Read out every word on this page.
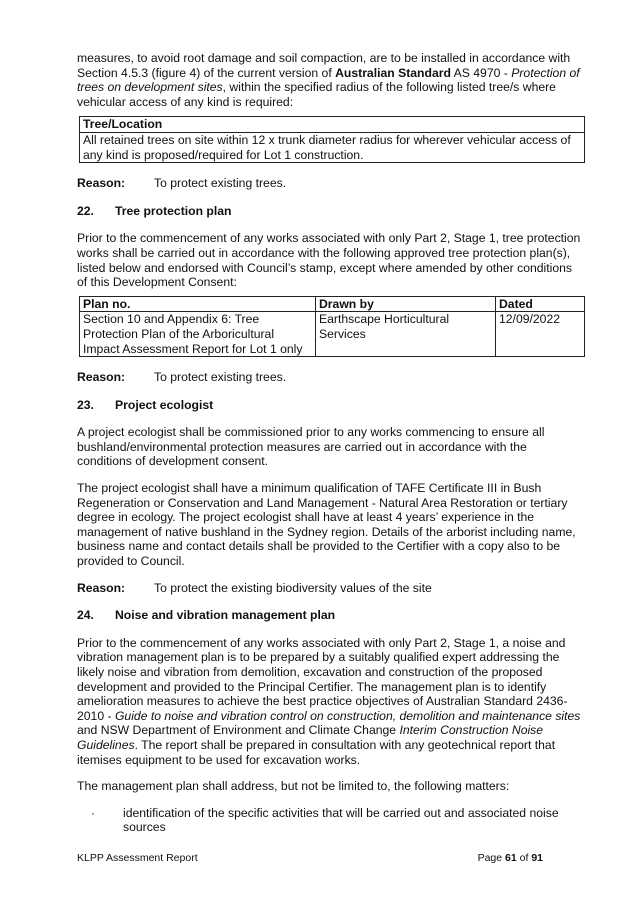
measures, to avoid root damage and soil compaction, are to be installed in accordance with Section 4.5.3 (figure 4) of the current version of Australian Standard AS 4970 - Protection of trees on development sites, within the specified radius of the following listed tree/s where vehicular access of any kind is required:

Tree/Location
All retained trees on site within 12 x trunk diameter radius for wherever vehicular access of any kind is proposed/required for Lot 1 construction.
Reason:	To protect existing trees.
22.	Tree protection plan

Prior to the commencement of any works associated with only Part 2, Stage 1, tree protection works shall be carried out in accordance with the following approved tree protection plan(s), listed below and endorsed with Council’s stamp, except where amended by other conditions of this Development Consent:

Plan no.	Drawn by	Dated
Section 10 and Appendix 6: Tree Protection Plan of the Arboricultural Impact Assessment Report for Lot 1 only	Earthscape Horticultural Services	12/09/2022
Reason:	To protect existing trees.
23.	Project ecologist

A project ecologist shall be commissioned prior to any works commencing to ensure all bushland/environmental protection measures are carried out in accordance with the conditions of development consent.

The project ecologist shall have a minimum qualification of TAFE Certificate III in Bush Regeneration or Conservation and Land Management - Natural Area Restoration or tertiary degree in ecology. The project ecologist shall have at least 4 years’ experience in the management of native bushland in the Sydney region. Details of the arborist including name, business name and contact details shall be provided to the Certifier with a copy also to be provided to Council.

Reason:	To protect the existing biodiversity values of the site
24.	Noise and vibration management plan

Prior to the commencement of any works associated with only Part 2, Stage 1, a noise and vibration management plan is to be prepared by a suitably qualified expert addressing the likely noise and vibration from demolition, excavation and construction of the proposed development and provided to the Principal Certifier. The management plan is to identify amelioration measures to achieve the best practice objectives of Australian Standard 2436-2010 - Guide to noise and vibration control on construction, demolition and maintenance sites and NSW Department of Environment and Climate Change Interim Construction Noise Guidelines. The report shall be prepared in consultation with any geotechnical report that itemises equipment to be used for excavation works.

The management plan shall address, but not be limited to, the following matters:

·	identification of the specific activities that will be carried out and associated noise sources
KLPP Assessment Report	Page 61 of 91
